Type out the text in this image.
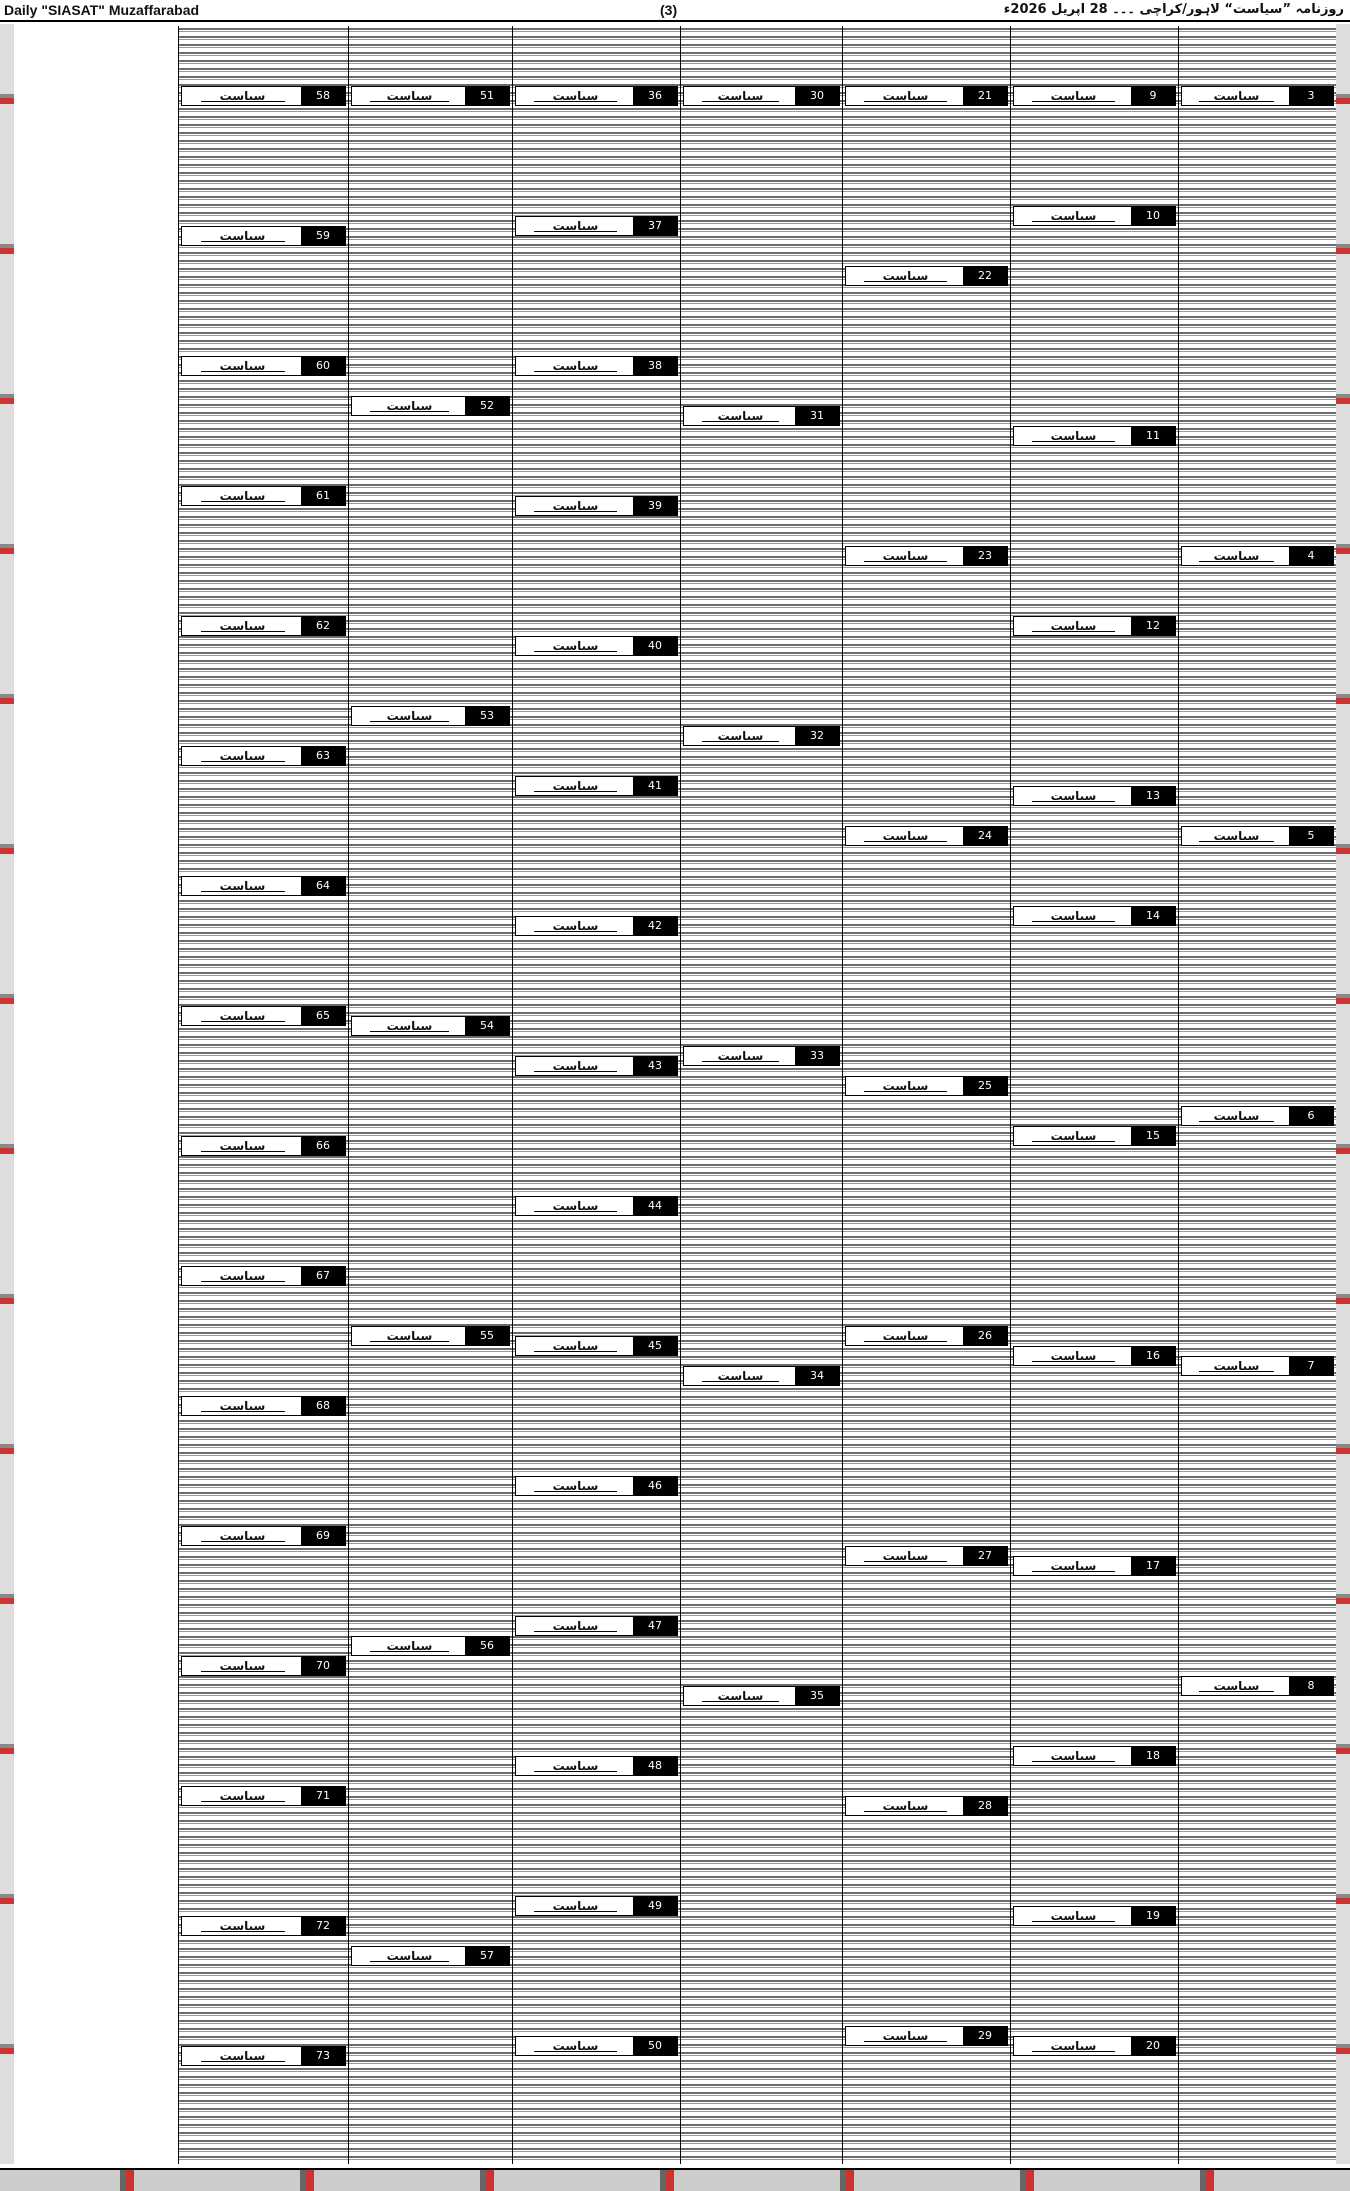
Daily "SIASAT" Muzaffarabad	(3)	روزنامہ ”سیاست“ لاہور/کراچی ۔۔۔ 28 اپریل 2026ء
سیاست	3
سیاست	4
سیاست	5
سیاست	6
سیاست	7
سیاست	8
سیاست	9
سیاست	10
سیاست	11
سیاست	12
سیاست	13
سیاست	14
سیاست	15
سیاست	16
سیاست	17
سیاست	18
سیاست	19
سیاست	20
سیاست	21
سیاست	22
سیاست	23
سیاست	24
سیاست	25
سیاست	26
سیاست	27
سیاست	28
سیاست	29
سیاست	30
سیاست	31
سیاست	32
سیاست	33
سیاست	34
سیاست	35
سیاست	36
سیاست	37
سیاست	38
سیاست	39
سیاست	40
سیاست	41
سیاست	42
سیاست	43
سیاست	44
سیاست	45
سیاست	46
سیاست	47
سیاست	48
سیاست	49
سیاست	50
سیاست	51
سیاست	52
سیاست	53
سیاست	54
سیاست	55
سیاست	56
سیاست	57
سیاست	58
سیاست	59
سیاست	60
سیاست	61
سیاست	62
سیاست	63
سیاست	64
سیاست	65
سیاست	66
سیاست	67
سیاست	68
سیاست	69
سیاست	70
سیاست	71
سیاست	72
سیاست	73
